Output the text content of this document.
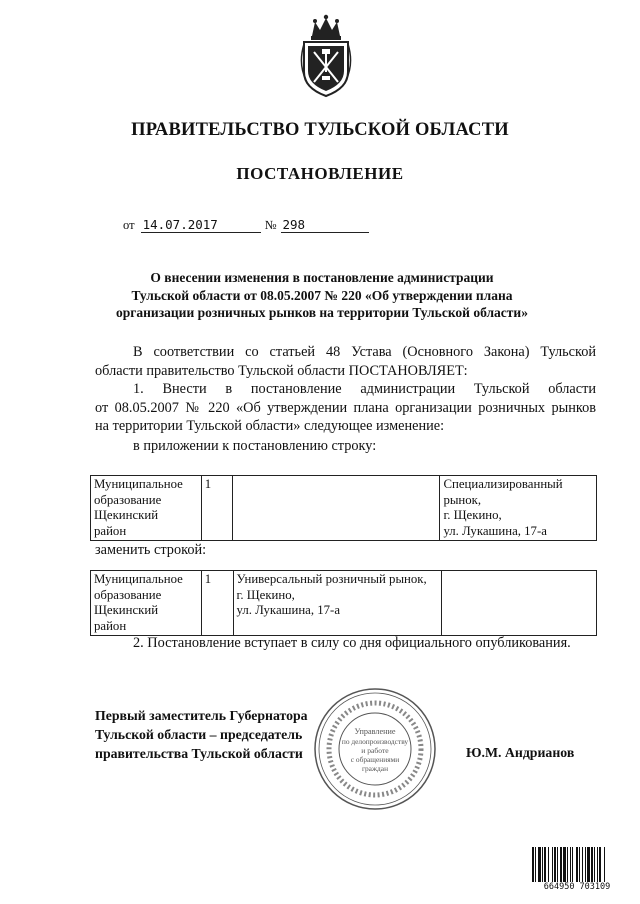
ПРАВИТЕЛЬСТВО ТУЛЬСКОЙ ОБЛАСТИ
ПОСТАНОВЛЕНИЕ
от 14.07.2017	№ 298
О внесении изменения в постановление администрации
Тульской области от 08.05.2007 № 220 «Об утверждении плана
организации розничных рынков на территории Тульской области»
В соответствии со статьей 48 Устава (Основного Закона) Тульской
области правительство Тульской области ПОСТАНОВЛЯЕТ:
1. Внести в постановление администрации Тульской области
от 08.05.2007 № 220 «Об утверждении плана организации розничных рынков
на территории Тульской области» следующее изменение:
в приложении к постановлению строку:
Муниципальное
образование
Щекинский
район
	1		Специализированный
рынок,
г. Щекино,
ул. Лукашина, 17-а
заменить строкой:
Муниципальное
образование
Щекинский
район
	1	Универсальный розничный рынок,
г. Щекино,
ул. Лукашина, 17-а

2. Постановление вступает в силу со дня официального опубликования.
Управление
по делопроизводству
и работе
с обращениями
граждан
Первый заместитель Губернатора
Тульской области – председатель
правительства Тульской области	Ю.М. Андрианов
664950 703109
